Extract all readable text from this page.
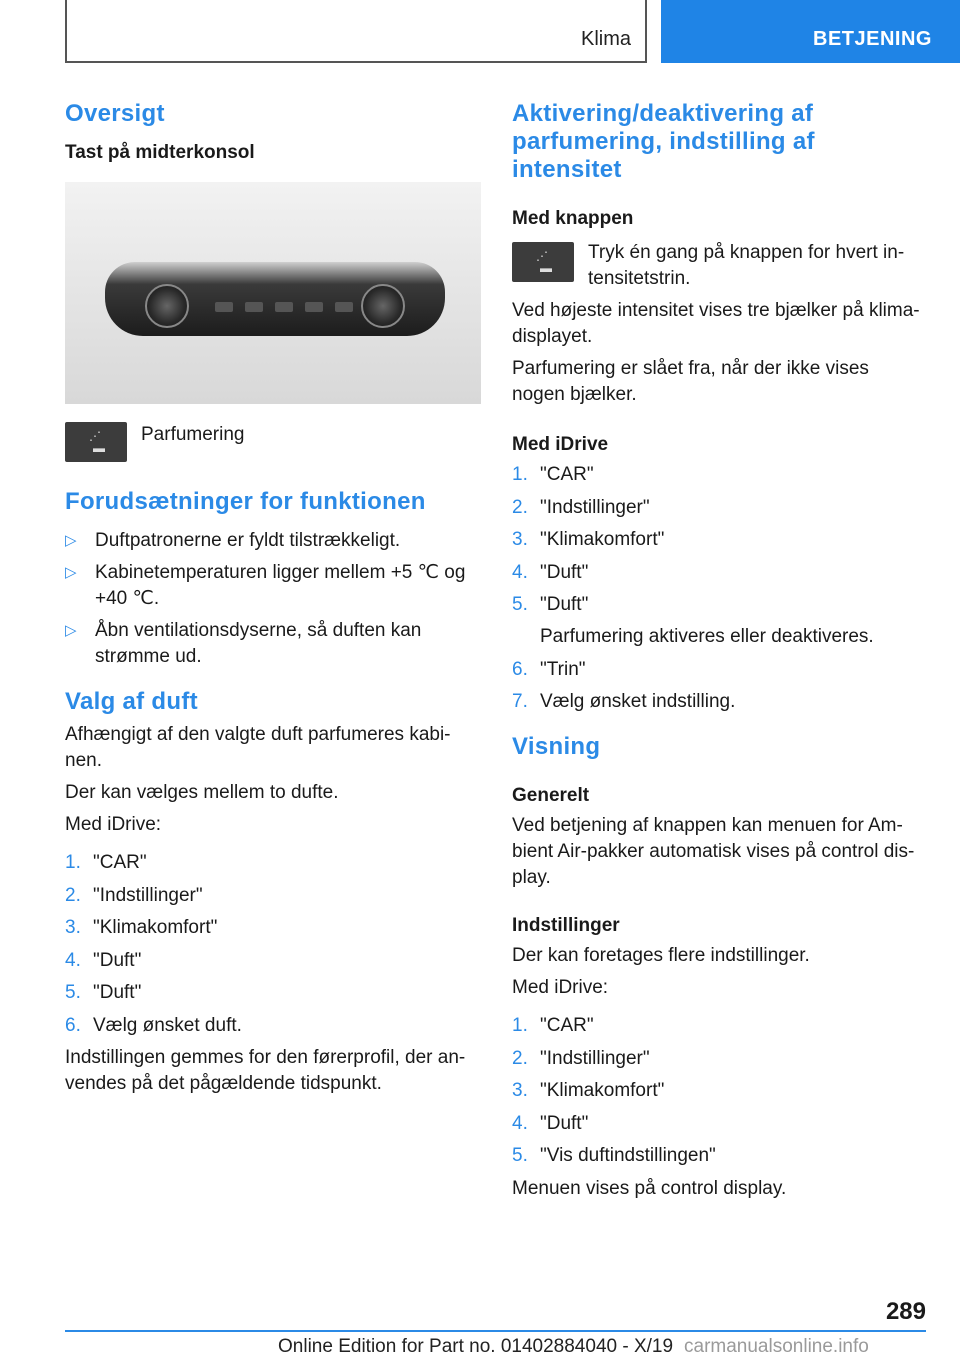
Klima	BETJENING
Oversigt
Tast på midterkonsol
⋰
▬

Parfumering

Forudsætninger for funktionen
▷ Duftpatronerne er fyldt tilstrækkeligt.
▷ Kabinetemperaturen ligger mellem +5 ℃ og +40 ℃.
▷ Åbn ventilationsdyserne, så duften kan strømme ud.
Valg af duft

Afhængigt af den valgte duft parfumeres kabi-nen.

Der kan vælges mellem to dufte.

Med iDrive:

1. "CAR"
2. "Indstillinger"
3. "Klimakomfort"
4. "Duft"
5. "Duft"
6. Vælg ønsket duft.

Indstillingen gemmes for den førerprofil, der an-vendes på det pågældende tidspunkt.

Aktivering/deaktivering af parfumering, indstilling af intensitet
Med knappen
⋰
▬

Tryk én gang på knappen for hvert in-tensitetstrin.

Ved højeste intensitet vises tre bjælker på klima-displayet.

Parfumering er slået fra, når der ikke vises nogen bjælker.

Med iDrive
1. "CAR"
2. "Indstillinger"
3. "Klimakomfort"
4. "Duft"
5. "Duft"
Parfumering aktiveres eller deaktiveres.
6. "Trin"
7. Vælg ønsket indstilling.
Visning
Generelt

Ved betjening af knappen kan menuen for Am-bient Air-pakker automatisk vises på control dis-play.

Indstillinger

Der kan foretages flere indstillinger.

Med iDrive:

1. "CAR"
2. "Indstillinger"
3. "Klimakomfort"
4. "Duft"
5. "Vis duftindstillingen"

Menuen vises på control display.

289
Online Edition for Part no. 01402884040 - X/19 carmanualsonline.info
